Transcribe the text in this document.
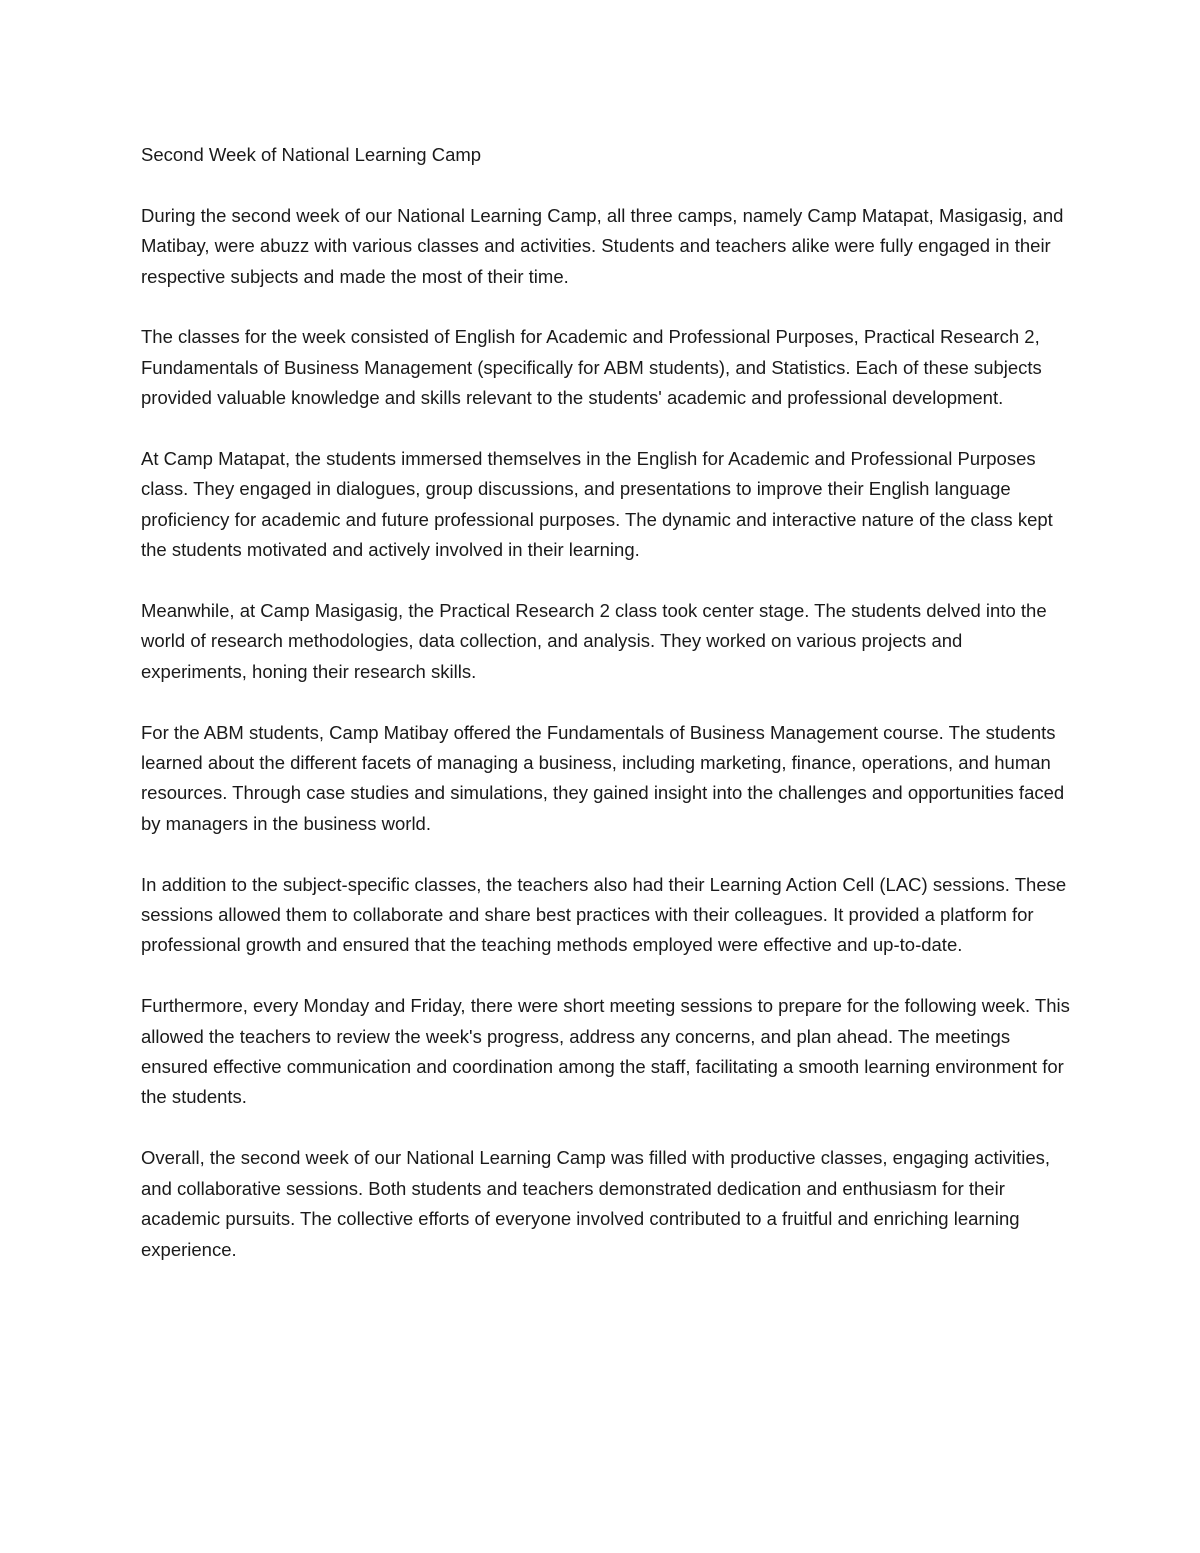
Second Week of National Learning Camp

During the second week of our National Learning Camp, all three camps, namely Camp Matapat, Masigasig, and Matibay, were abuzz with various classes and activities. Students and teachers alike were fully engaged in their respective subjects and made the most of their time.

The classes for the week consisted of English for Academic and Professional Purposes, Practical Research 2, Fundamentals of Business Management (specifically for ABM students), and Statistics. Each of these subjects provided valuable knowledge and skills relevant to the students' academic and professional development.

At Camp Matapat, the students immersed themselves in the English for Academic and Professional Purposes class. They engaged in dialogues, group discussions, and presentations to improve their English language proficiency for academic and future professional purposes. The dynamic and interactive nature of the class kept the students motivated and actively involved in their learning.

Meanwhile, at Camp Masigasig, the Practical Research 2 class took center stage. The students delved into the world of research methodologies, data collection, and analysis. They worked on various projects and experiments, honing their research skills.

For the ABM students, Camp Matibay offered the Fundamentals of Business Management course. The students learned about the different facets of managing a business, including marketing, finance, operations, and human resources. Through case studies and simulations, they gained insight into the challenges and opportunities faced by managers in the business world.

In addition to the subject-specific classes, the teachers also had their Learning Action Cell (LAC) sessions. These sessions allowed them to collaborate and share best practices with their colleagues. It provided a platform for professional growth and ensured that the teaching methods employed were effective and up-to-date.

Furthermore, every Monday and Friday, there were short meeting sessions to prepare for the following week. This allowed the teachers to review the week's progress, address any concerns, and plan ahead. The meetings ensured effective communication and coordination among the staff, facilitating a smooth learning environment for the students.

Overall, the second week of our National Learning Camp was filled with productive classes, engaging activities, and collaborative sessions. Both students and teachers demonstrated dedication and enthusiasm for their academic pursuits. The collective efforts of everyone involved contributed to a fruitful and enriching learning experience.
